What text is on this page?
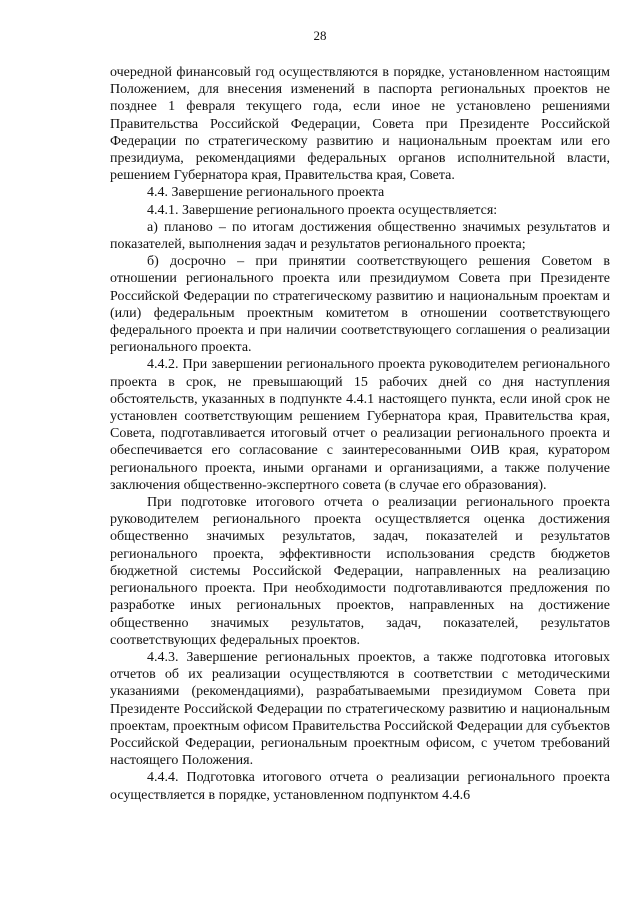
28

очередной финансовый год осуществляются в порядке, установленном настоящим Положением, для внесения изменений в паспорта региональных проектов не позднее 1 февраля текущего года, если иное не установлено решениями Правительства Российской Федерации, Совета при Президенте Российской Федерации по стратегическому развитию и национальным проектам или его президиума, рекомендациями федеральных органов исполнительной власти, решением Губернатора края, Правительства края, Совета.

4.4. Завершение регионального проекта

4.4.1. Завершение регионального проекта осуществляется:

а) планово – по итогам достижения общественно значимых результатов и показателей, выполнения задач и результатов регионального проекта;

б) досрочно – при принятии соответствующего решения Советом в отношении регионального проекта или президиумом Совета при Президенте Российской Федерации по стратегическому развитию и национальным проектам и (или) федеральным проектным комитетом в отношении соответствующего федерального проекта и при наличии соответствующего соглашения о реализации регионального проекта.

4.4.2. При завершении регионального проекта руководителем регионального проекта в срок, не превышающий 15 рабочих дней со дня наступления обстоятельств, указанных в подпункте 4.4.1 настоящего пункта, если иной срок не установлен соответствующим решением Губернатора края, Правительства края, Совета, подготавливается итоговый отчет о реализации регионального проекта и обеспечивается его согласование с заинтересованными ОИВ края, куратором регионального проекта, иными органами и организациями, а также получение заключения общественно-экспертного совета (в случае его образования).

При подготовке итогового отчета о реализации регионального проекта руководителем регионального проекта осуществляется оценка достижения общественно значимых результатов, задач, показателей и результатов регионального проекта, эффективности использования средств бюджетов бюджетной системы Российской Федерации, направленных на реализацию регионального проекта. При необходимости подготавливаются предложения по разработке иных региональных проектов, направленных на достижение общественно значимых результатов, задач, показателей, результатов соответствующих федеральных проектов.

4.4.3. Завершение региональных проектов, а также подготовка итоговых отчетов об их реализации осуществляются в соответствии с методическими указаниями (рекомендациями), разрабатываемыми президиумом Совета при Президенте Российской Федерации по стратегическому развитию и национальным проектам, проектным офисом Правительства Российской Федерации для субъектов Российской Федерации, региональным проектным офисом, с учетом требований настоящего Положения.

4.4.4. Подготовка итогового отчета о реализации регионального проекта осуществляется в порядке, установленном подпунктом 4.4.6
